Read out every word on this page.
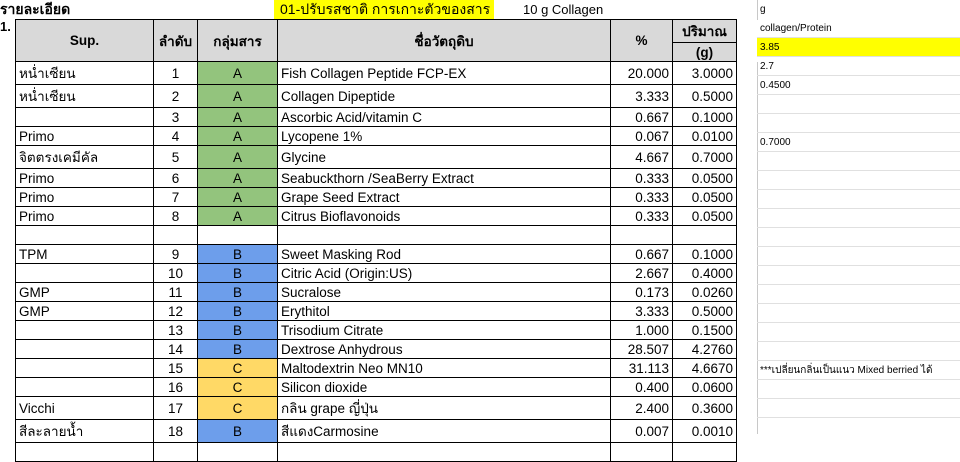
รายละเอียด	01-ปรับรสชาติ การเกาะตัวของสาร	10 g Collagen	g
1.
Sup.	ลำดับ	กลุ่มสาร	ชื่อวัตถุดิบ	%	ปริมาณ	
					(g)	
หน่ำเซียน	1	A	Fish Collagen Peptide FCP-EX	20.000	3.0000	
หน่ำเซียน	2	A	Collagen Dipeptide	3.333	0.5000	
	3	A	Ascorbic Acid/vitamin C	0.667	0.1000	
Primo	4	A	Lycopene 1%	0.067	0.0100	
จิตตรงเคมีคัล	5	A	Glycine	4.667	0.7000	
Primo	6	A	Seabuckthorn /SeaBerry Extract	0.333	0.0500	
Primo	7	A	Grape Seed Extract	0.333	0.0500	
Primo	8	A	Citrus Bioflavonoids	0.333	0.0500	

TPM	9	B	Sweet Masking Rod	0.667	0.1000	
	10	B	Citric Acid (Origin:US)	2.667	0.4000	
GMP	11	B	Sucralose	0.173	0.0260	
GMP	12	B	Erythitol	3.333	0.5000	
	13	B	Trisodium Citrate	1.000	0.1500	
	14	B	Dextrose Anhydrous	28.507	4.2760	
	15	C	Maltodextrin Neo MN10	31.113	4.6670	
	16	C	Silicon dioxide	0.400	0.0600	
Vicchi	17	C	กลิน grape ญี่ปุ่น	2.400	0.3600	
สีละลายน้ำ	18	B	สีแดงCarmosine	0.007	0.0010	

collagen/Protein
3.85
2.7
0.4500
0.7000
***เปลี่ยนกลิ่นเป็นแนว Mixed berried ได้
